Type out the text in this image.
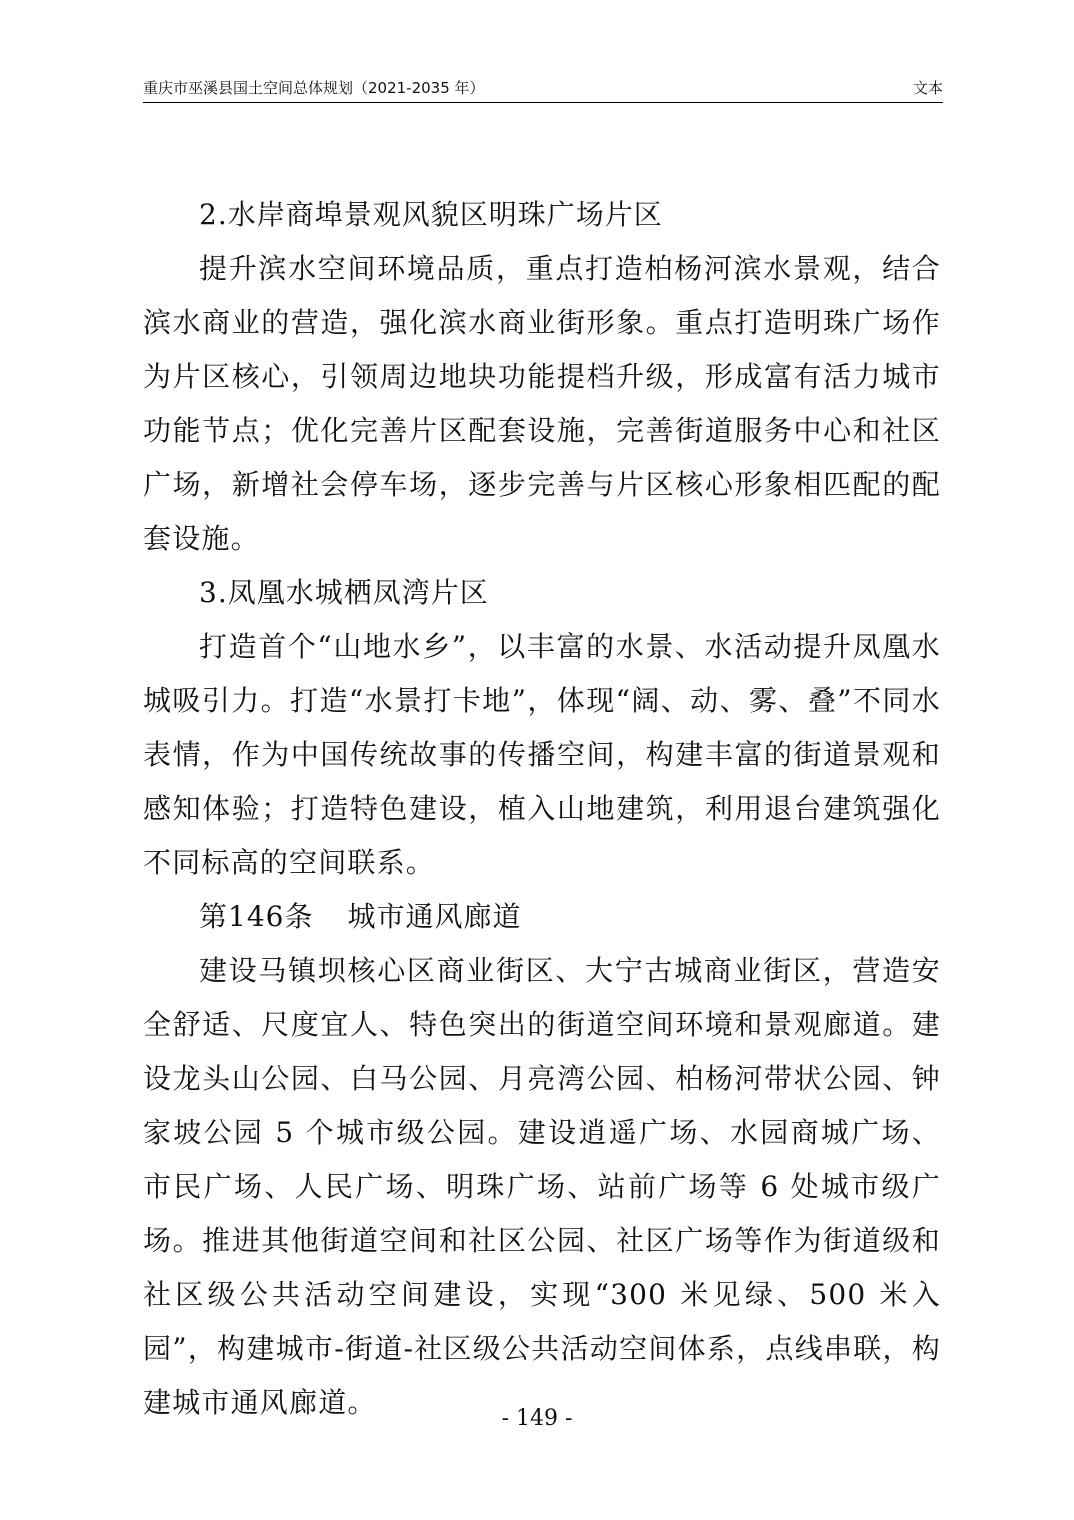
重庆市巫溪县国土空间总体规划（2021-2035 年）	文本

2.水岸商埠景观风貌区明珠广场片区

提升滨水空间环境品质，重点打造柏杨河滨水景观，结合滨水商业的营造，强化滨水商业街形象。重点打造明珠广场作为片区核心，引领周边地块功能提档升级，形成富有活力城市功能节点；优化完善片区配套设施，完善街道服务中心和社区广场，新增社会停车场，逐步完善与片区核心形象相匹配的配套设施。

3.凤凰水城栖凤湾片区

打造首个“山地水乡”，以丰富的水景、水活动提升凤凰水城吸引力。打造“水景打卡地”，体现“阔、动、雾、叠”不同水表情，作为中国传统故事的传播空间，构建丰富的街道景观和感知体验；打造特色建设，植入山地建筑，利用退台建筑强化不同标高的空间联系。

第146条 城市通风廊道

建设马镇坝核心区商业街区、大宁古城商业街区，营造安全舒适、尺度宜人、特色突出的街道空间环境和景观廊道。建设龙头山公园、白马公园、月亮湾公园、柏杨河带状公园、钟家坡公园 5 个城市级公园。建设逍遥广场、水园商城广场、市民广场、人民广场、明珠广场、站前广场等 6 处城市级广场。推进其他街道空间和社区公园、社区广场等作为街道级和社区级公共活动空间建设，实现“300 米见绿、500 米入园”，构建城市-街道-社区级公共活动空间体系，点线串联，构建城市通风廊道。	- 149 -
